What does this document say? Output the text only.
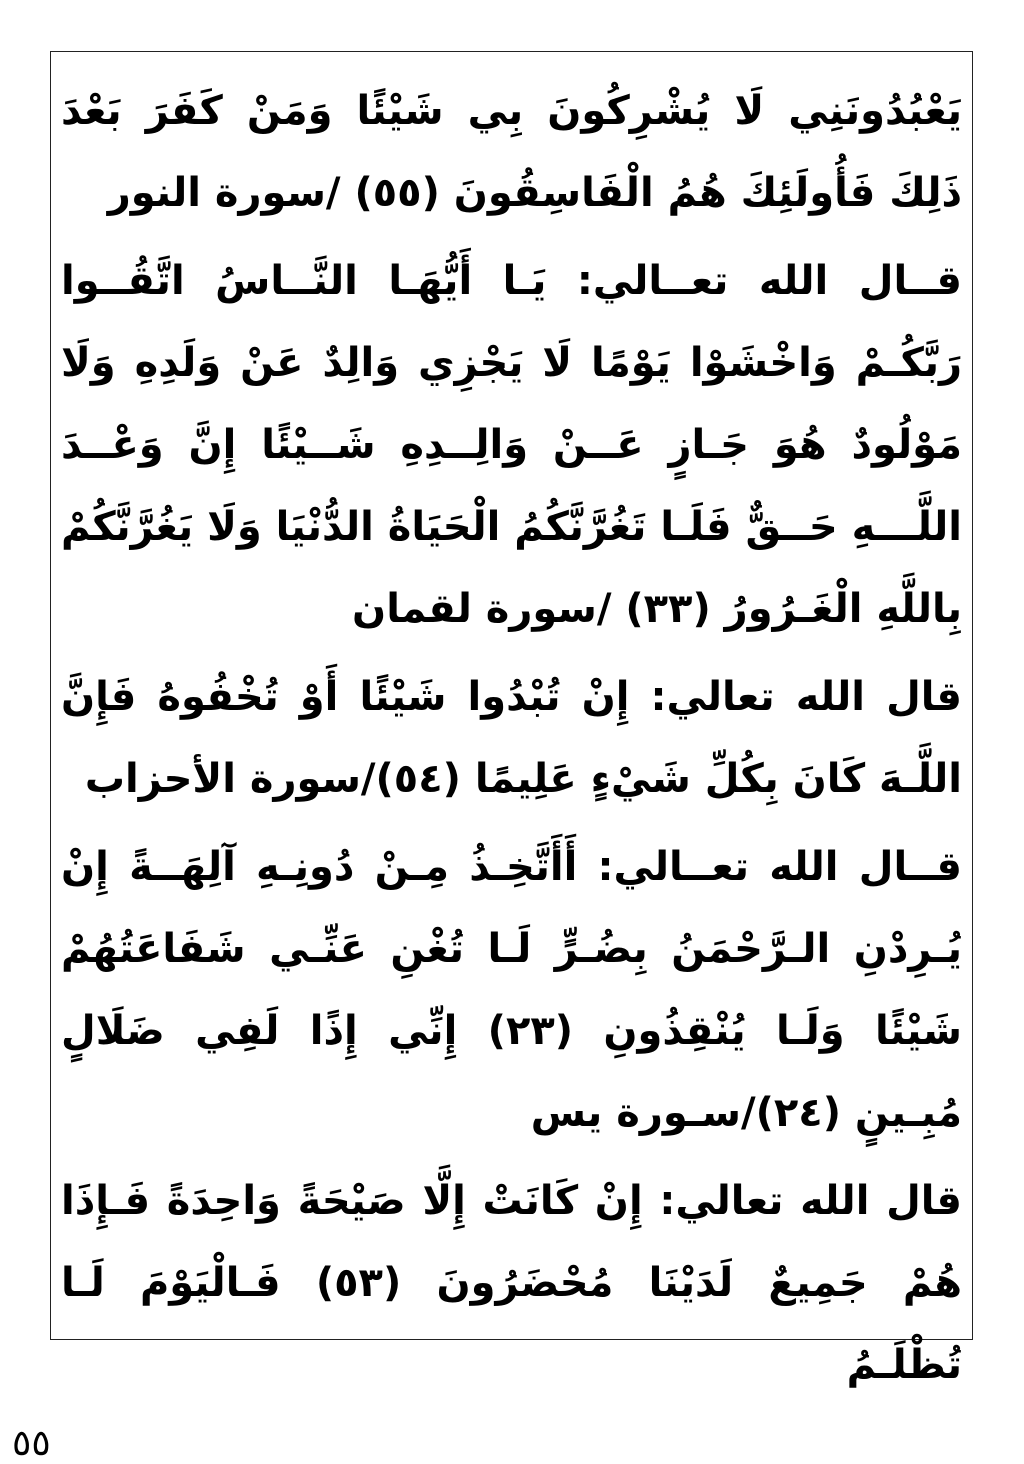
يَعْبُدُونَنِي لَا يُشْرِكُونَ بِي شَيْئًا وَمَنْ كَفَرَ بَعْدَ ذَلِكَ فَأُولَئِكَ هُمُ الْفَاسِقُونَ (٥٥) /سورة النور

قــال الله تعــالي: يَـا أَيُّهَـا النَّــاسُ اتَّقُــوا رَبَّكُـمْ وَاخْشَوْا يَوْمًا لَا يَجْزِي وَالِدٌ عَنْ وَلَدِهِ وَلَا مَوْلُودٌ هُوَ جَـازٍ عَــنْ وَالِــدِهِ شَــيْئًا إِنَّ وَعْــدَ اللَّـــهِ حَــقٌّ فَلَـا تَغُرَّنَّكُمُ الْحَيَاةُ الدُّنْيَا وَلَا يَغُرَّنَّكُمْ بِاللَّهِ الْغَـرُورُ (٣٣) /سورة لقمان

قال الله تعالي: إِنْ تُبْدُوا شَيْئًا أَوْ تُخْفُوهُ فَإِنَّ اللَّـهَ كَانَ بِكُلِّ شَيْءٍ عَلِيمًا (٥٤)/سورة الأحزاب

قــال الله تعــالي: أَأَتَّخِـذُ مِـنْ دُونِـهِ آلِهَــةً إِنْ يُـرِدْنِ الـرَّحْمَنُ بِضُـرٍّ لَـا تُغْنِ عَنِّـي شَفَاعَتُهُمْ شَيْئًا وَلَـا يُنْقِذُونِ (٢٣) إِنِّي إِذًا لَفِي ضَلَالٍ مُبِـينٍ (٢٤)/سـورة يس

قال الله تعالي: إِنْ كَانَتْ إِلَّا صَيْحَةً وَاحِدَةً فَـإِذَا هُمْ جَمِيعٌ لَدَيْنَا مُحْضَرُونَ (٥٣) فَـالْيَوْمَ لَـا تُظْلَـمُ

٥٥
